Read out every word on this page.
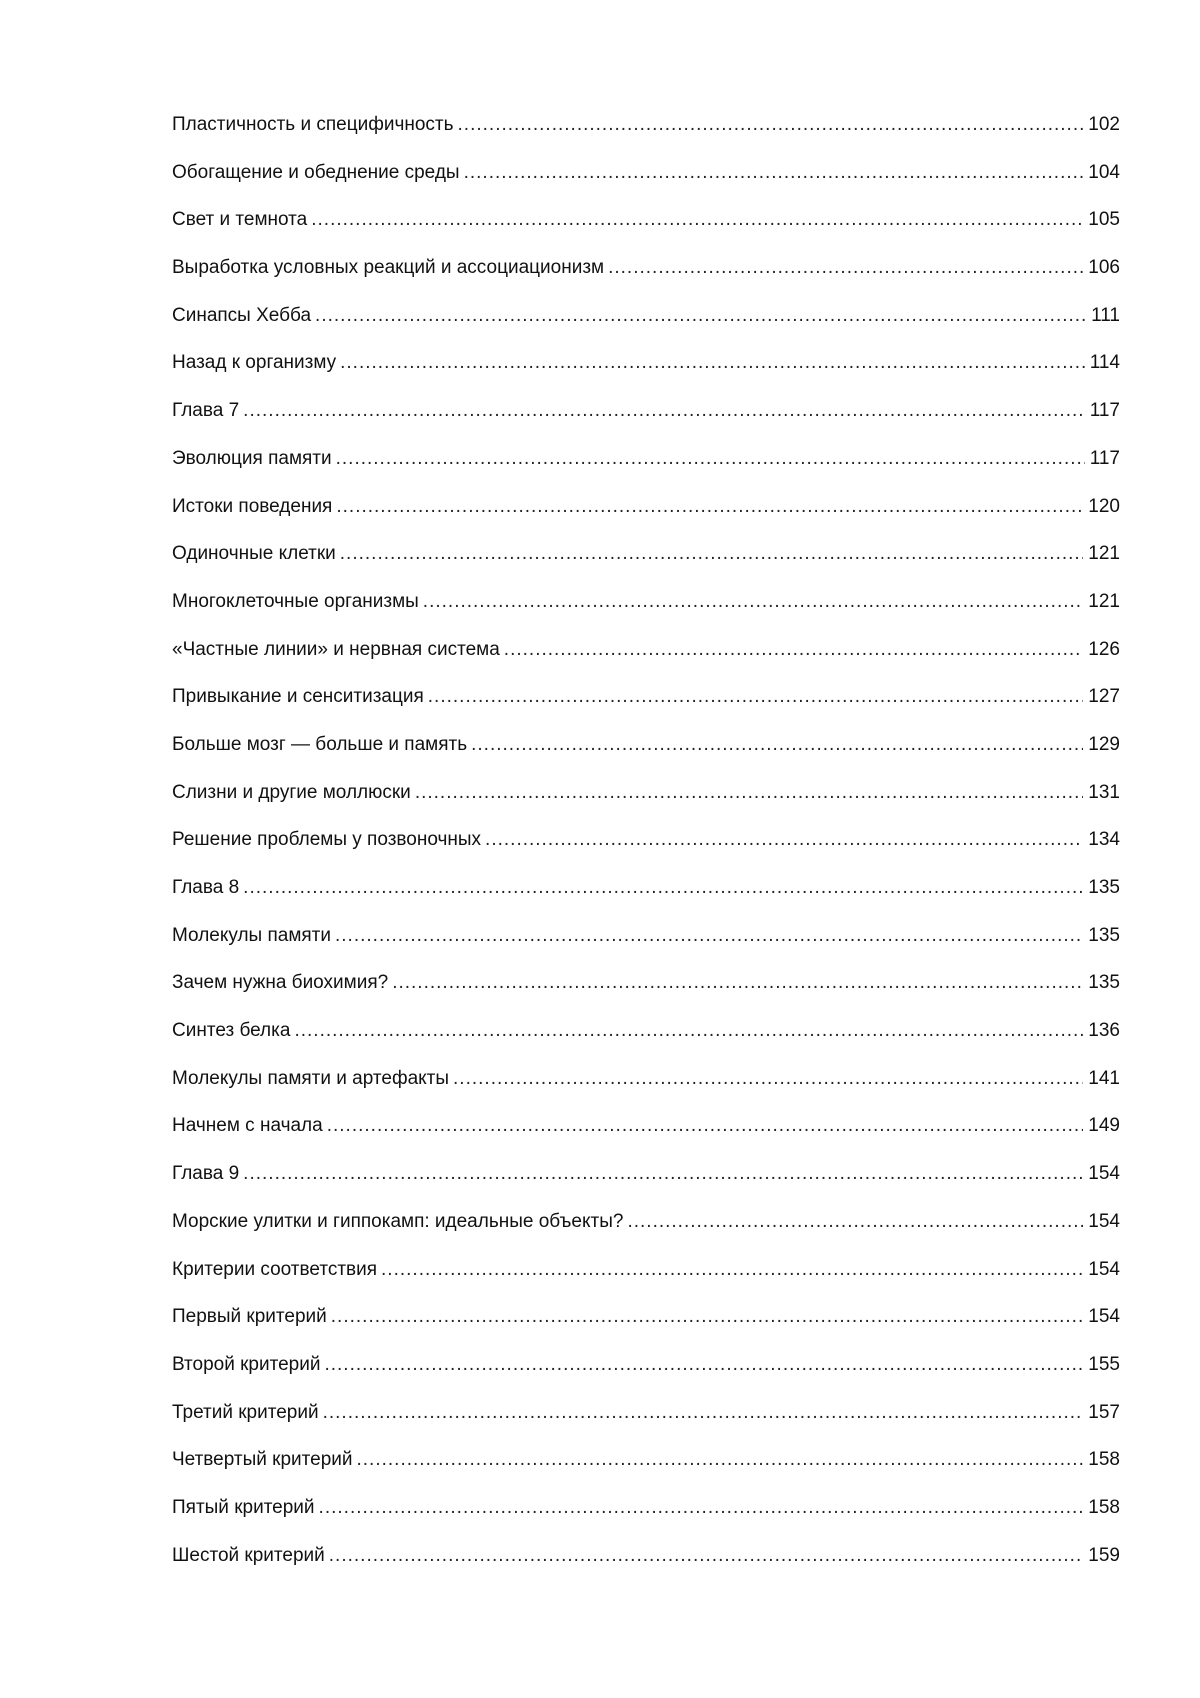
Пластичность и специфичность .....	102
Обогащение и обеднение среды .....	104
Свет и темнота .....	105
Выработка условных реакций и ассоциационизм .....	106
Синапсы Хебба .....	111
Назад к организму .....	114
Глава 7 .....	117
Эволюция памяти .....	117
Истоки поведения .....	120
Одиночные клетки .....	121
Многоклеточные организмы .....	121
«Частные линии» и нервная система .....	126
Привыкание и сенситизация .....	127
Больше мозг — больше и память .....	129
Слизни и другие моллюски .....	131
Решение проблемы у позвоночных .....	134
Глава 8 .....	135
Молекулы памяти .....	135
Зачем нужна биохимия? .....	135
Синтез белка .....	136
Молекулы памяти и артефакты .....	141
Начнем с начала .....	149
Глава 9 .....	154
Морские улитки и гиппокамп: идеальные объекты? .....	154
Критерии соответствия .....	154
Первый критерий .....	154
Второй критерий .....	155
Третий критерий .....	157
Четвертый критерий .....	158
Пятый критерий .....	158
Шестой критерий .....	159
